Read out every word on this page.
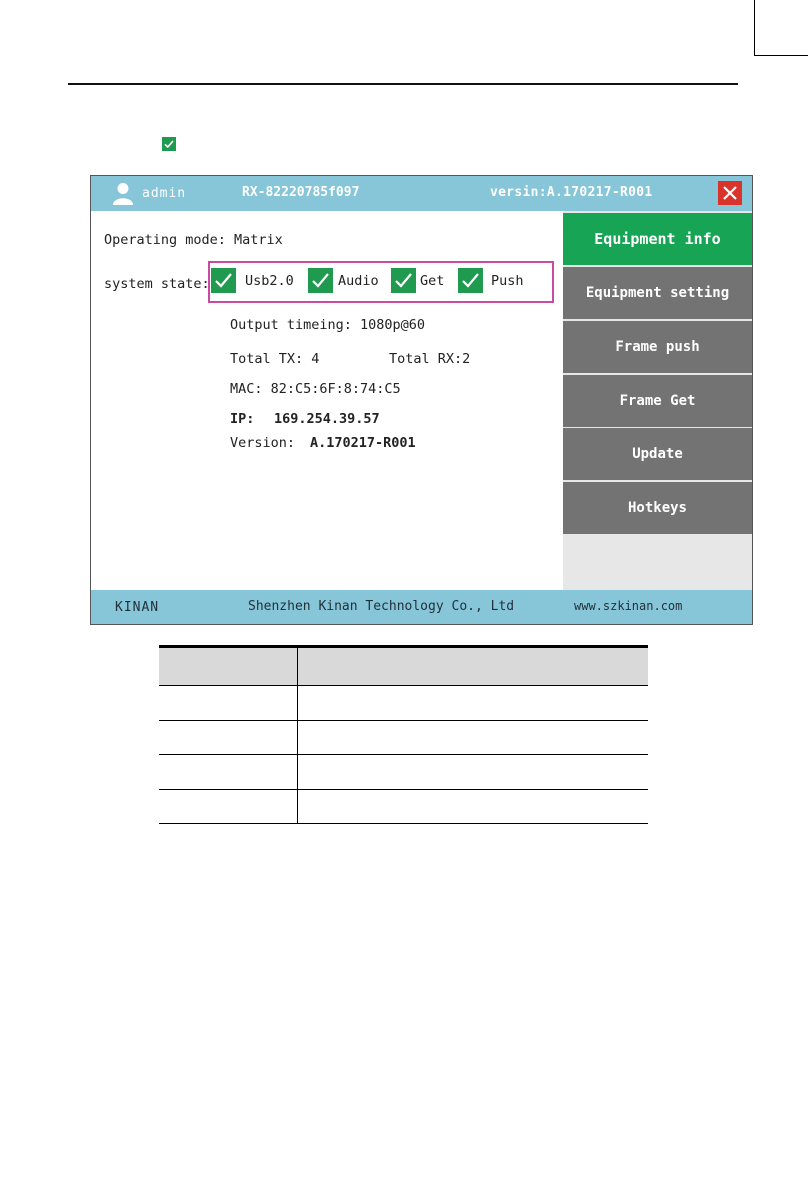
admin	RX-82220785f097	versin:A.170217-R001
Operating mode: Matrix
system state:	Usb2.0	Audio	Get	Push
Output timeing: 1080p@60
Total TX: 4	Total RX:2
MAC: 82:C5:6F:8:74:C5
IP: 169.254.39.57
Version: A.170217-R001
Equipment info
Equipment setting
Frame push
Frame Get
Update
Hotkeys
KINAN	Shenzhen Kinan Technology Co., Ltd	www.szkinan.com
